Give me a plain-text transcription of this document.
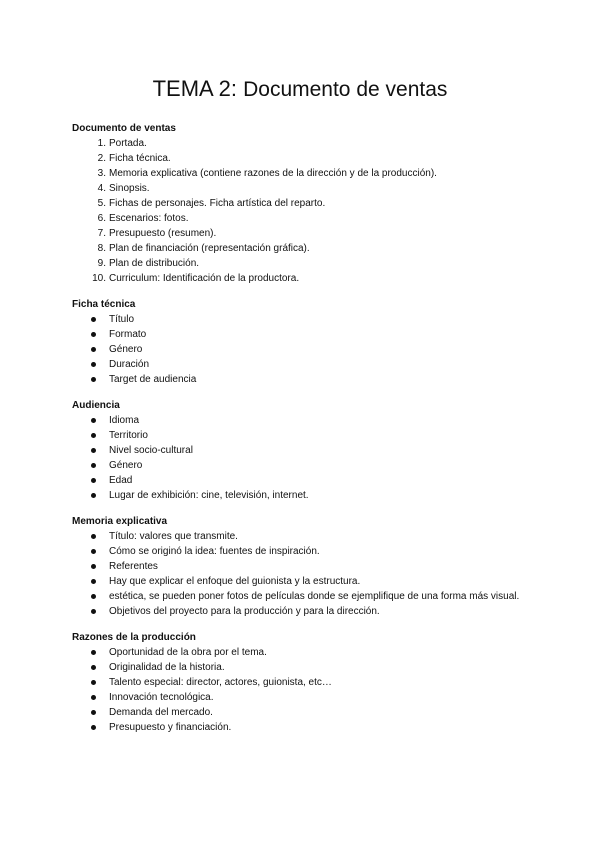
TEMA 2: Documento de ventas
Documento de ventas
1. Portada.
2. Ficha técnica.
3. Memoria explicativa (contiene razones de la dirección y de la producción).
4. Sinopsis.
5. Fichas de personajes. Ficha artística del reparto.
6. Escenarios: fotos.
7. Presupuesto (resumen).
8. Plan de financiación (representación gráfica).
9. Plan de distribución.
10. Curriculum: Identificación de la productora.
Ficha técnica
Título
Formato
Género
Duración
Target de audiencia
Audiencia
Idioma
Territorio
Nivel socio-cultural
Género
Edad
Lugar de exhibición: cine, televisión, internet.
Memoria explicativa
Título: valores que transmite.
Cómo se originó la idea: fuentes de inspiración.
Referentes
Hay que explicar el enfoque del guionista y la estructura.
estética, se pueden poner fotos de películas donde se ejemplifique de una forma más visual.
Objetivos del proyecto para la producción y para la dirección.
Razones de la producción
Oportunidad de la obra por el tema.
Originalidad de la historia.
Talento especial: director, actores, guionista, etc…
Innovación tecnológica.
Demanda del mercado.
Presupuesto y financiación.
